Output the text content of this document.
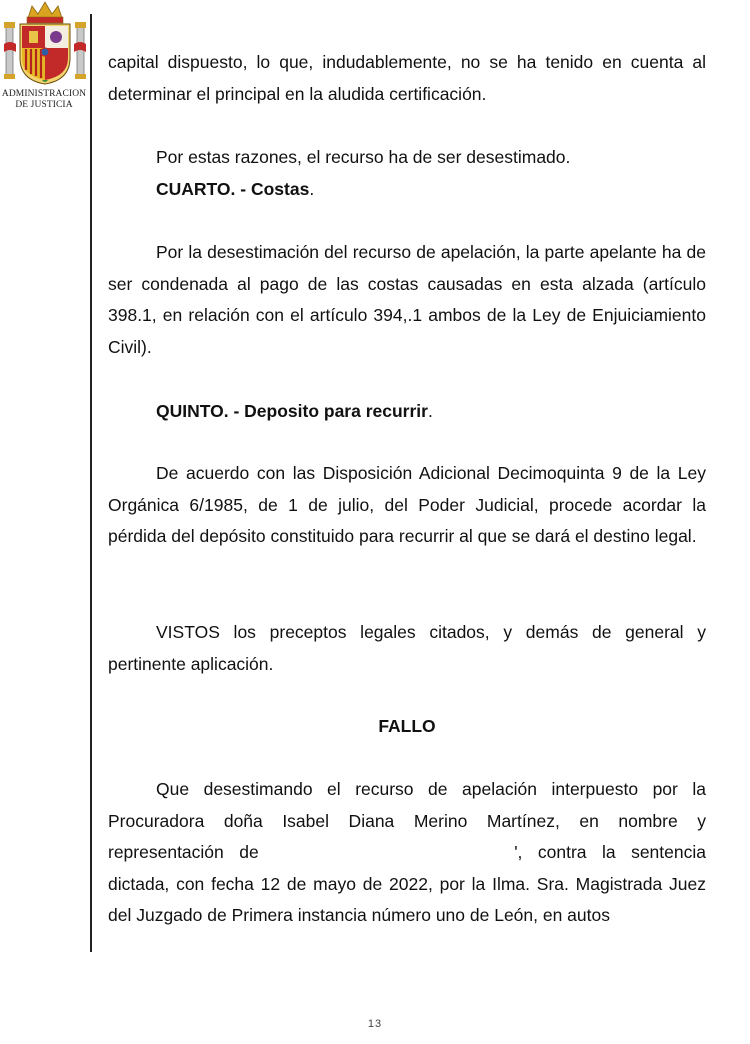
ADMINISTRACION
DE JUSTICIA

capital dispuesto, lo que, indudablemente, no se ha tenido en cuenta al determinar el principal en la aludida certificación.

Por estas razones, el recurso ha de ser desestimado.

CUARTO. - Costas.

Por la desestimación del recurso de apelación, la parte apelante ha de ser condenada al pago de las costas causadas en esta alzada (artículo 398.1, en relación con el artículo 394,.1 ambos de la Ley de Enjuiciamiento Civil).

QUINTO. - Deposito para recurrir.

De acuerdo con las Disposición Adicional Decimoquinta 9 de la Ley Orgánica 6/1985, de 1 de julio, del Poder Judicial, procede acordar la pérdida del depósito constituido para recurrir al que se dará el destino legal.

VISTOS los preceptos legales citados, y demás de general y pertinente aplicación.

FALLO

Que desestimando el recurso de apelación interpuesto por la Procuradora doña Isabel Diana Merino Martínez, en nombre y representación de	', contra la sentencia dictada, con fecha 12 de mayo de 2022, por la Ilma. Sra. Magistrada Juez del Juzgado de Primera instancia número uno de León, en autos

13
